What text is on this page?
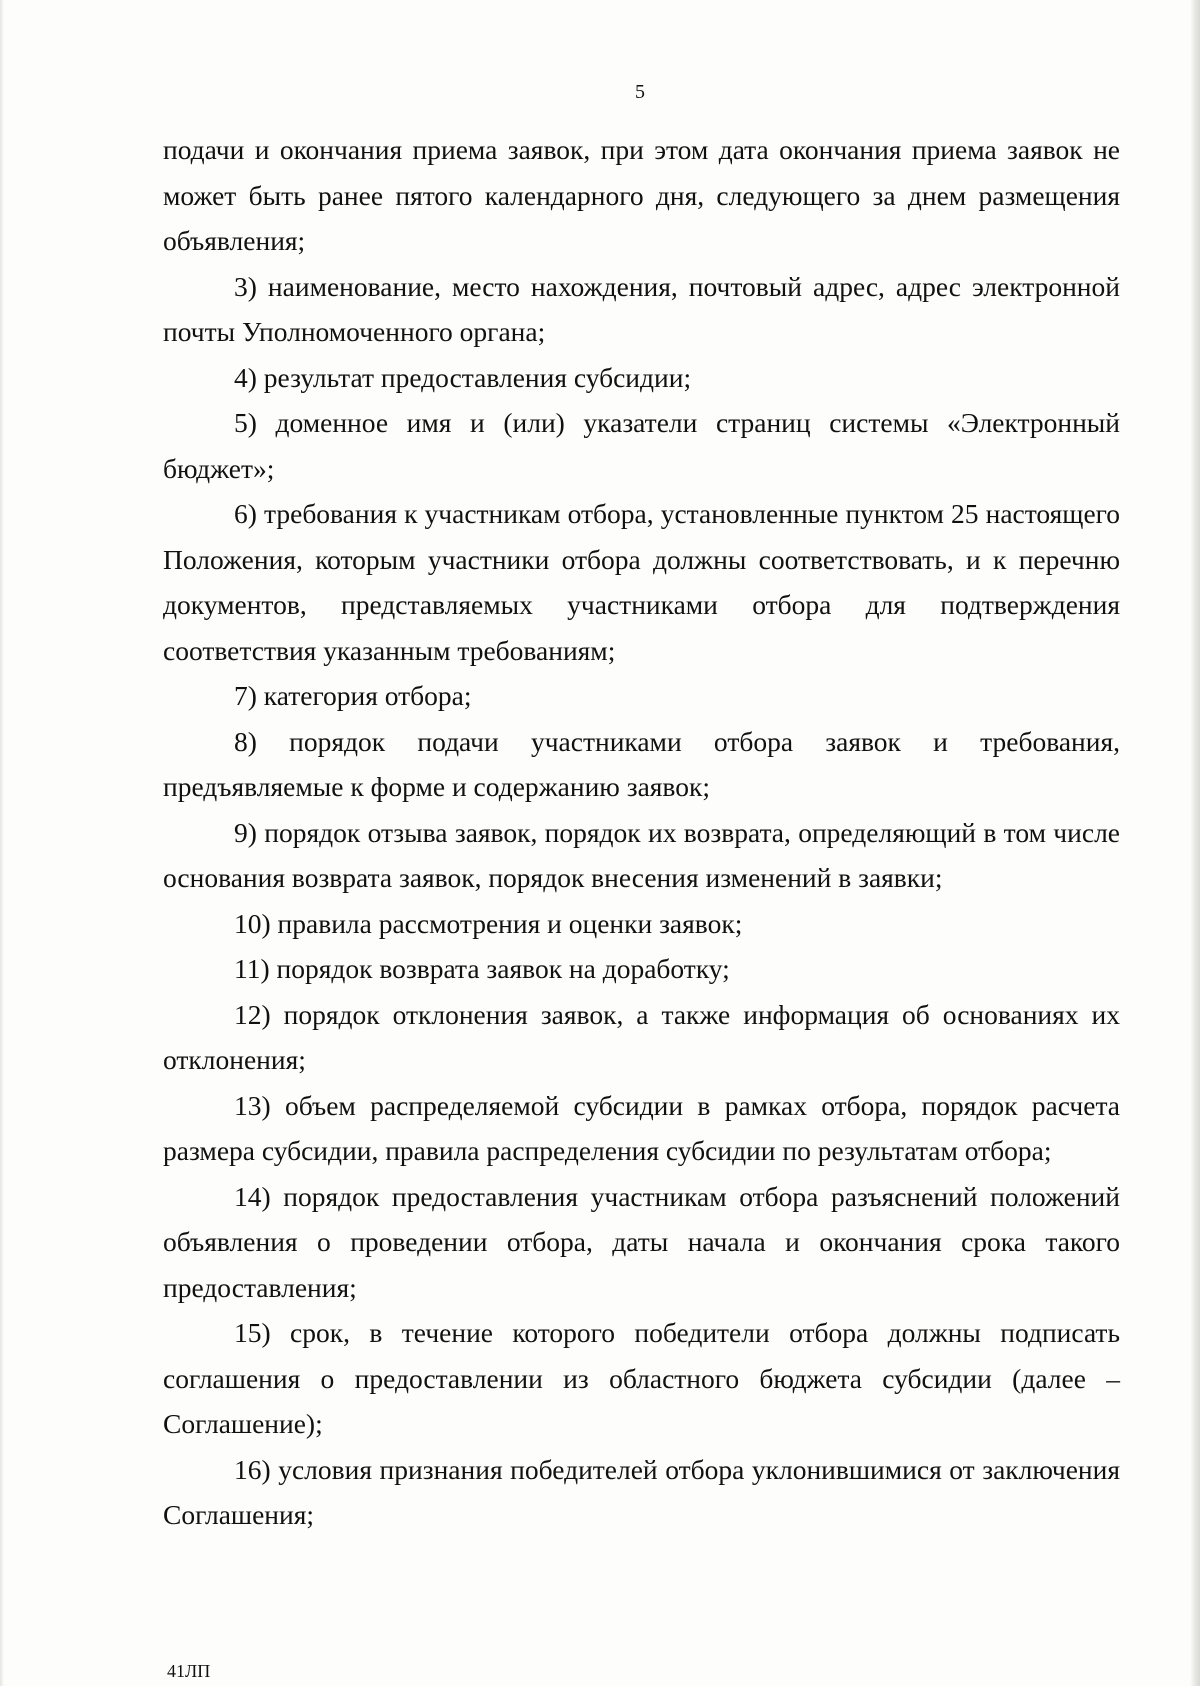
5

подачи и окончания приема заявок, при этом дата окончания приема заявок не может быть ранее пятого календарного дня, следующего за днем размещения объявления;

3) наименование, место нахождения, почтовый адрес, адрес электронной почты Уполномоченного органа;

4) результат предоставления субсидии;

5) доменное имя и (или) указатели страниц системы «Электронный бюджет»;

6) требования к участникам отбора, установленные пунктом 25 настоящего Положения, которым участники отбора должны соответствовать, и к перечню документов, представляемых участниками отбора для подтверждения соответствия указанным требованиям;

7) категория отбора;

8) порядок подачи участниками отбора заявок и требования, предъявляемые к форме и содержанию заявок;

9) порядок отзыва заявок, порядок их возврата, определяющий в том числе основания возврата заявок, порядок внесения изменений в заявки;

10) правила рассмотрения и оценки заявок;

11) порядок возврата заявок на доработку;

12) порядок отклонения заявок, а также информация об основаниях их отклонения;

13) объем распределяемой субсидии в рамках отбора, порядок расчета размера субсидии, правила распределения субсидии по результатам отбора;

14) порядок предоставления участникам отбора разъяснений положений объявления о проведении отбора, даты начала и окончания срока такого предоставления;

15) срок, в течение которого победители отбора должны подписать соглашения о предоставлении из областного бюджета субсидии (далее – Соглашение);

16) условия признания победителей отбора уклонившимися от заключения Соглашения;

41ЛП
